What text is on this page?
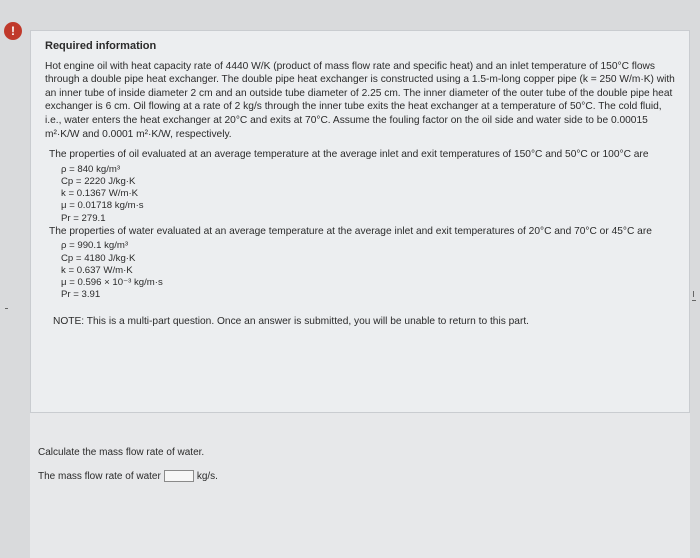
!

Required information

Hot engine oil with heat capacity rate of 4440 W/K (product of mass flow rate and specific heat) and an inlet temperature of 150°C flows through a double pipe heat exchanger. The double pipe heat exchanger is constructed using a 1.5-m-long copper pipe (k = 250 W/m·K) with an inner tube of inside diameter 2 cm and an outside tube diameter of 2.25 cm. The inner diameter of the outer tube of the double pipe heat exchanger is 6 cm. Oil flowing at a rate of 2 kg/s through the inner tube exits the heat exchanger at a temperature of 50°C. The cold fluid, i.e., water enters the heat exchanger at 20°C and exits at 70°C. Assume the fouling factor on the oil side and water side to be 0.00015 m²·K/W and 0.0001 m²·K/W, respectively.

The properties of oil evaluated at an average temperature at the average inlet and exit temperatures of 150°C and 50°C or 100°C are

ρ = 840 kg/m³
Cp = 2220 J/kg·K
k = 0.1367 W/m·K
μ = 0.01718 kg/m·s
Pr = 279.1

The properties of water evaluated at an average temperature at the average inlet and exit temperatures of 20°C and 70°C or 45°C are

ρ = 990.1 kg/m³
Cp = 4180 J/kg·K
k = 0.637 W/m·K
μ = 0.596 × 10⁻³ kg/m·s
Pr = 3.91

NOTE: This is a multi-part question. Once an answer is submitted, you will be unable to return to this part.

Calculate the mass flow rate of water.

The mass flow rate of water	kg/s.
